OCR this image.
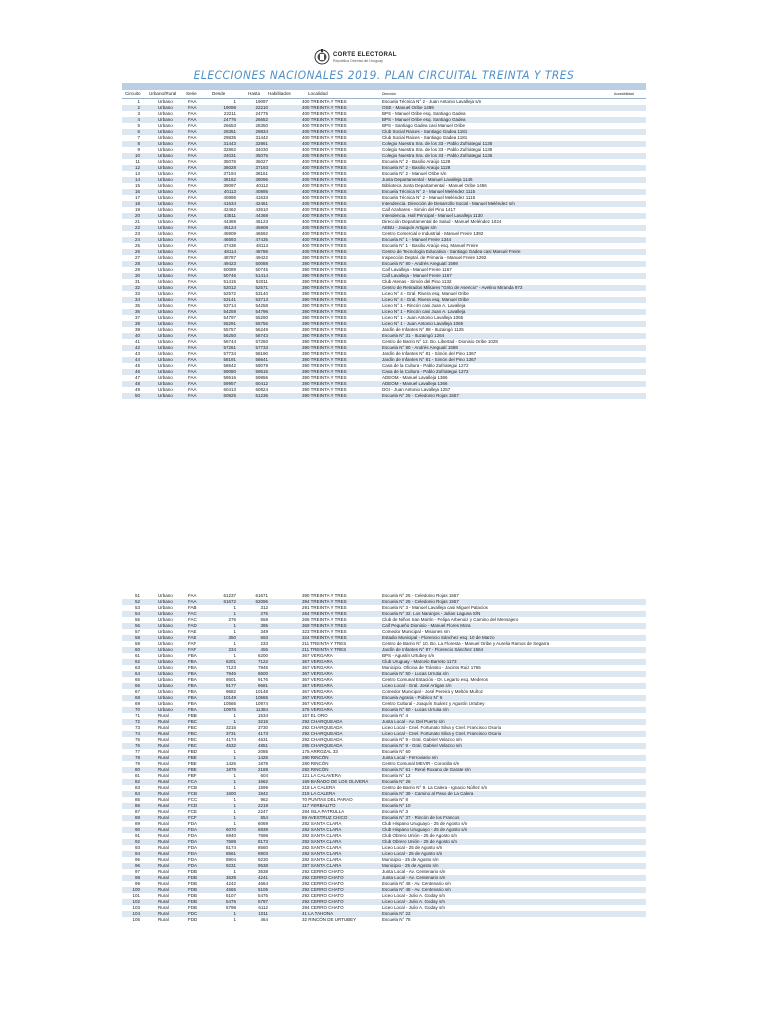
CORTE ELECTORAL
República Oriental del Uruguay
ELECCIONES NACIONALES 2019. PLAN CIRCUITAL TREINTA Y TRES
Circuito Urbano/Rural Serie	Desde	Hasta Habilitados	Localidad	Dirección	Accesibilidad
1	Urbano	FAA	1	19097	400 TREINTA Y TRES	Escuela Técnica N° 2 - Juan Antonio Lavalleja s/n
2	Urbano	FAA	19098	22210	400 TREINTA Y TRES	OSE - Manuel Oribe 1489
3	Urbano	FAA	22211	24775	400 TREINTA Y TRES	BPS - Manuel Oribe esq. Santiago Gadea
4	Urbano	FAA	24776	26652	400 TREINTA Y TRES	BPS - Manuel Oribe esq. Santiago Gadea
5	Urbano	FAA	26653	28350	400 TREINTA Y TRES	BPS - Santiago Gadea casi Manuel Oribe
6	Urbano	FAA	28351	29834	400 TREINTA Y TRES	Club Social Raices - Santiago Gadea 1181
7	Urbano	FAA	29835	31442	400 TREINTA Y TRES	Club Social Raices - Santiago Gadea 1181
8	Urbano	FAA	31443	32861	400 TREINTA Y TRES	Colegio Nuestra Sra. de los 33 - Pablo Zufriategui 1135
9	Urbano	FAA	32862	34030	400 TREINTA Y TRES	Colegio Nuestra Sra. de los 33 - Pablo Zufriategui 1135
10	Urbano	FAA	34031	35075	400 TREINTA Y TRES	Colegio Nuestra Sra. de los 33 - Pablo Zufriategui 1135
11	Urbano	FAA	35076	36027	400 TREINTA Y TRES	Escuela N° 2 - Basilio Araújo 1128
12	Urbano	FAA	36028	37193	400 TREINTA Y TRES	Escuela N° 2 - Basilio Araújo 1128
13	Urbano	FAA	37194	38161	400 TREINTA Y TRES	Escuela N° 2 - Manuel Oribe s/n
14	Urbano	FAA	38162	39096	400 TREINTA Y TRES	Junta Departamental - Manuel Lavalleja 1146
15	Urbano	FAA	39097	40112	400 TREINTA Y TRES	Biblioteca Junta Departamental - Manuel Oribe 1456
16	Urbano	FAA	40113	40895	400 TREINTA Y TRES	Escuela Técnica N° 2 - Manuel Meléndez 1115
17	Urbano	FAA	40896	41633	400 TREINTA Y TRES	Escuela Técnica N° 2 - Manuel Meléndez 1115
18	Urbano	FAA	41634	42461	400 TREINTA Y TRES	Intendencia. Dirección de Desarrollo Social - Manuel Meléndez s/n
19	Urbano	FAA	42462	43510	400 TREINTA Y TRES	Caif Azahares - Simón del Pino 1417
20	Urbano	FAA	43511	44368	400 TREINTA Y TRES	Intendencia. Hall Principal - Manuel Lavalleja 1130
21	Urbano	FAA	44369	45123	400 TREINTA Y TRES	Dirección Departamental de Salud - Manuel Meléndez 1024
22	Urbano	FAA	45124	45908	400 TREINTA Y TRES	AEBU - Joaquín Artigas s/n
23	Urbano	FAA	45909	46592	400 TREINTA Y TRES	Centro Comercial e Industrial - Manuel Freire 1392
24	Urbano	FAA	46593	47435	400 TREINTA Y TRES	Escuela N° 1 - Manuel Freire 1344
25	Urbano	FAA	47436	48113	400 TREINTA Y TRES	Escuela N° 1 - Basilio Araújo esq. Manuel Freire
26	Urbano	FAA	48114	48786	400 TREINTA Y TRES	Centro de Tecnología Educativa - Santiago Gadea casi Manuel Freire
27	Urbano	FAA	48787	49422	390 TREINTA Y TRES	Inspección Deptal. de Primaria - Manuel Freire 1292
28	Urbano	FAA	49423	50088	390 TREINTA Y TRES	Escuela N° 80 - Andrés Areguatí 1598
29	Urbano	FAA	50089	50745	390 TREINTA Y TRES	Caif Lavalleja - Manuel Freire 1167
30	Urbano	FAA	50746	51414	390 TREINTA Y TRES	Caif Lavalleja - Manuel Freire 1167
31	Urbano	FAA	51415	52011	390 TREINTA Y TRES	Club Atenas - Simón del Pino 1132
32	Urbano	FAA	52012	52571	390 TREINTA Y TRES	Centro de Retirados Militares "Grito de Asencio" - Avelino Miranda 973
33	Urbano	FAA	52572	53140	390 TREINTA Y TRES	Liceo N° 4 - Gral. Rivera esq. Manuel Oribe
34	Urbano	FAA	53141	53713	390 TREINTA Y TRES	Liceo N° 4 - Gral. Rivera esq. Manuel Oribe
35	Urbano	FAA	53714	54258	390 TREINTA Y TRES	Liceo N° 1 - Rincón casi Juan A. Lavalleja
36	Urbano	FAA	54259	54796	390 TREINTA Y TRES	Liceo N° 1 - Rincón casi Juan A. Lavalleja
37	Urbano	FAA	54797	55290	390 TREINTA Y TRES	Liceo N° 1 - Juan Antonio Lavalleja 1065
38	Urbano	FAA	55291	55756	390 TREINTA Y TRES	Liceo N° 1 - Juan Antonio Lavalleja 1065
39	Urbano	FAA	55757	56249	390 TREINTA Y TRES	Jardín de Infantes N° 88 - Ituzaingó 1125
40	Urbano	FAA	56250	56743	390 TREINTA Y TRES	Escuela N° 31 - Ituzaingó 1264
41	Urbano	FAA	56744	57260	390 TREINTA Y TRES	Centro de Barrio N° 12. Bo. Libertad - Dionisio Oribe 1028
42	Urbano	FAA	57261	57733	390 TREINTA Y TRES	Escuela N° 80 - Andrés Areguatí 1598
43	Urbano	FAA	57734	58190	390 TREINTA Y TRES	Jardín de Infantes N° 81 - Simón del Pino 1367
44	Urbano	FAA	58191	58641	390 TREINTA Y TRES	Jardín de Infantes N° 81 - Simón del Pino 1367
45	Urbano	FAA	58642	59079	390 TREINTA Y TRES	Casa de la Cultura - Pablo Zufriategui 1272
46	Urbano	FAA	59080	59515	390 TREINTA Y TRES	Casa de la Cultura - Pablo Zufriategui 1272
47	Urbano	FAA	59516	59956	390 TREINTA Y TRES	ADEOM - Manuel Lavalleja 1366
48	Urbano	FAA	59957	60412	390 TREINTA Y TRES	ADEOM - Manuel Lavalleja 1366
49	Urbano	FAA	60413	60824	390 TREINTA Y TRES	DGI - Juan Antonio Lavalleja 1257
50	Urbano	FAA	60825	61236	390 TREINTA Y TRES	Escuela N° 25 - Celedonio Rojas 1557
51	Urbano	FAA	61237	61671	390 TREINTA Y TRES	Escuela N° 25 - Celedonio Rojas 1557
52	Urbano	FAA	61672	62096	394 TREINTA Y TRES	Escuela N° 25 - Celedonio Rojas 1557
53	Urbano	FAB	1	312	291 TREINTA Y TRES	Escuela N° 3 - Manuel Lavalleja casi Miguel Palacios
54	Urbano	FAC	1	275	264 TREINTA Y TRES	Escuela N° 32. Los Naranjos - Julian Laguna S/N
55	Urbano	FAC	276	558	265 TREINTA Y TRES	Club de Niños San Martín - Felipa Arbenoiz y Camino del Mensajero
56	Urbano	FAD	1	395	369 TREINTA Y TRES	Caif Pequeño Dionisio - Manuel Flores Mora
57	Urbano	FAE	1	349	323 TREINTA Y TRES	Comedor Municipal - Misiones s/n
58	Urbano	FAE	350	693	324 TREINTA Y TRES	Estadio Municipal - Florencio Sánchez esq. 10 de Marzo
59	Urbano	FAF	1	233	211 TREINTA Y TRES	Centro de Barrio N° 10. Bo. La Floresta - Manuel Oribe y Aurelia Ramos de Segarra
60	Urbano	FAF	234	455	211 TREINTA Y TRES	Jardín de Infantes N° 87 - Florencio Sánchez 1564
61	Urbano	FBA	1	6200	367 VERGARA	BPS - Agustín Urtubey s/n
62	Urbano	FBA	6201	7122	367 VERGARA	Club Uruguay - Marcelo Barreto 1173
63	Urbano	FBA	7123	7945	367 VERGARA	Municipio. Oficina de Tránsito - Jacinto Ruiz 1765
64	Urbano	FBA	7946	8600	367 VERGARA	Escuela N° 50 - Lucas Urrutia s/n
65	Urbano	FBA	8601	9176	367 VERGARA	Centro Comunal Estación - Dr. Legarto esq. Mederos
66	Urbano	FBA	9177	9681	367 VERGARA	Liceo Local - Gral. José Artigas s/n
67	Urbano	FBA	9682	10148	367 VERGARA	Comedor Municipal - José Pereira y Meltón Muñoz
68	Urbano	FBA	10149	10565	367 VERGARA	Escuela Agraria - Público N° 6
69	Urbano	FBA	10566	10974	367 VERGARA	Centro Cultural - Joaquín Suárez y Agustín Urtubey
70	Urbano	FBA	10975	11384	375 VERGARA	Escuela N° 50 - Lucas Urrutia s/n
71	Rural	FBB	1	1534	157 EL ORO	Escuela N° 4
72	Rural	FBC	1	3215	292 CHARQUEADA	Junta Local - Av. Del Puerto s/n
73	Rural	FBC	3216	3730	292 CHARQUEADA	Liceo Local - Cnel. Fortunato Silva y Cnel. Francisco Osorio
74	Rural	FBC	3731	4173	292 CHARQUEADA	Liceo Local - Cnel. Fortunato Silva y Cnel. Francisco Osorio
75	Rural	FBC	4174	4531	292 CHARQUEADA	Escuela N° 9 - Gral. Gabriel Velazco s/n
76	Rural	FBC	4532	4851	295 CHARQUEADA	Escuela N° 9 - Gral. Gabriel Velazco s/n
77	Rural	FBD	1	2085	175 ARROZAL 33	Escuela N° 60
78	Rural	FBE	1	1425	280 RINCÓN	Junta Local - Ferroviario s/n
79	Rural	FBE	1426	1878	280 RINCÓN	Centro Comunal MEVIR - Coronilla s/n
80	Rural	FBE	1879	2188	282 RINCÓN	Escuela N° 61 - René Roxano de Garate s/n
81	Rural	FBF	1	604	121 LA CALAVERA	Escuela N° 12
82	Rural	FCA	1	1662	159 BAÑADO DE LOS OLIVERA	Escuela N° 26
83	Rural	FCB	1	1599	218 LA CALERA	Centro de Barrio N° 9. La Calera - Ignacio Núñez s/n
84	Rural	FCB	1600	1842	219 LA CALERA	Escuela N° 39 - Camino al Paso de La Calera
85	Rural	FCC	1	962	70 PUNTAS DEL PARAO	Escuela N° 8
86	Rural	FCD	1	2219	117 YERBALITO	Escuela N° 10
87	Rural	FCE	1	2247	284 ISLA PATRULLA	Escuela N° 3
88	Rural	FCF	1	554	69 AVESTRUZ CHICO	Escuela N° 37 - Rincón de los Francos
89	Rural	FDA	1	6069	282 SANTA CLARA	Club Hispano Uruguayo - 25 de Agosto s/n
90	Rural	FDA	6070	6939	282 SANTA CLARA	Club Hispano Uruguayo - 25 de Agosto s/n
91	Rural	FDA	6940	7698	282 SANTA CLARA	Club Obrero Unión - 25 de Agosto s/n
92	Rural	FDA	7699	8173	282 SANTA CLARA	Club Obrero Unión - 25 de Agosto s/n
93	Rural	FDA	8174	8560	282 SANTA CLARA	Liceo Local - 25 de Agosto s/n
94	Rural	FDA	8561	8903	282 SANTA CLARA	Liceo Local - 25 de Agosto s/n
95	Rural	FDA	8904	9230	282 SANTA CLARA	Municipio - 25 de Agosto s/n
96	Rural	FDA	9231	9538	287 SANTA CLARA	Municipio - 25 de Agosto s/n
97	Rural	FDB	1	3538	292 CERRO CHATO	Junta Local - Av. Centenario s/n
98	Rural	FDB	3539	4241	292 CERRO CHATO	Junta Local - Av. Centenario s/n
99	Rural	FDB	4242	4664	292 CERRO CHATO	Escuela N° 48 - Av. Centenario s/n
100	Rural	FDB	4665	5106	292 CERRO CHATO	Escuela N° 48 - Av. Centenario s/n
101	Rural	FDB	5107	5475	292 CERRO CHATO	Liceo Local - Julio A. Goday s/n
102	Rural	FDB	5476	5797	292 CERRO CHATO	Liceo Local - Julio A. Goday s/n
103	Rural	FDB	5798	6112	294 CERRO CHATO	Liceo Local - Julio A. Goday s/n
104	Rural	FDC	1	1011	41 LA TAHONA	Escuela N° 22
105	Rural	FDD	1	464	32 RINCÓN DE URTUBEY	Escuela N° 78
